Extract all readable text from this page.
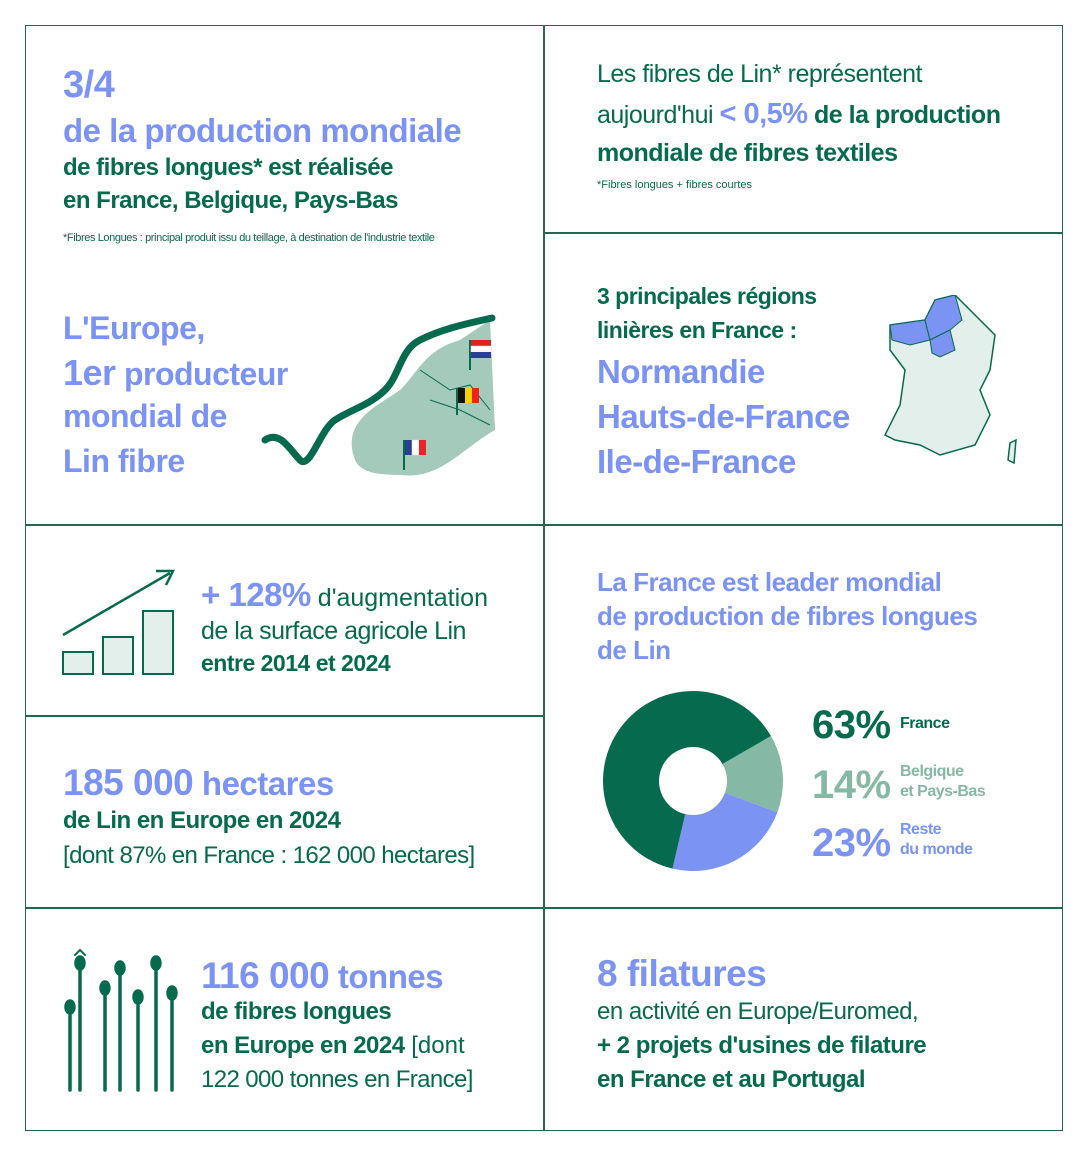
3/4
de la production mondiale
de fibres longues* est réalisée
en France, Belgique, Pays-Bas
*Fibres Longues : principal produit issu du teillage, à destination de l'industrie textile
Les fibres de Lin* représentent
aujourd'hui < 0,5% de la production
mondiale de fibres textiles
*Fibres longues + fibres courtes
L'Europe,
1er producteur
mondial de
Lin fibre
3 principales régions
linières en France :
Normandie
Hauts-de-France
Ile-de-France
+ 128% d'augmentation
de la surface agricole Lin
entre 2014 et 2024
La France est leader mondial
de production de fibres longues
de Lin
63% France
14% Belgique
et Pays-Bas
23% Reste
du monde
185 000 hectares
de Lin en Europe en 2024
[dont 87% en France : 162 000 hectares]
116 000 tonnes
de fibres longues
en Europe en 2024 [dont
122 000 tonnes en France]
8 filatures
en activité en Europe/Euromed,
+ 2 projets d'usines de filature
en France et au Portugal
